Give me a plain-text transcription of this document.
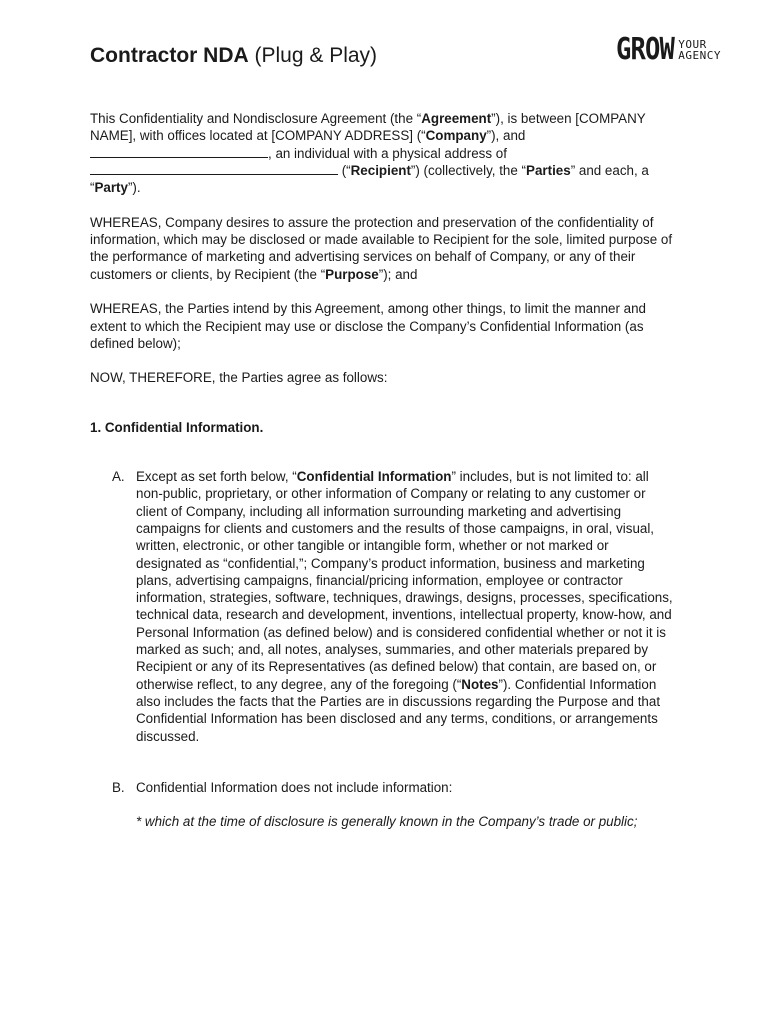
Contractor NDA (Plug & Play)	GROW YOUR
AGENCY

This Confidentiality and Nondisclosure Agreement (the “Agreement”), is between [COMPANY NAME], with offices located at [COMPANY ADDRESS] (“Company”), and , an individual with a physical address of  (“Recipient”) (collectively, the “Parties” and each, a “Party”).

WHEREAS, Company desires to assure the protection and preservation of the confidentiality of information, which may be disclosed or made available to Recipient for the sole, limited purpose of the performance of marketing and advertising services on behalf of Company, or any of their customers or clients, by Recipient (the “Purpose”); and

WHEREAS, the Parties intend by this Agreement, among other things, to limit the manner and extent to which the Recipient may use or disclose the Company’s Confidential Information (as defined below);

NOW, THEREFORE, the Parties agree as follows:

1. Confidential Information.

A. Except as set forth below, “Confidential Information” includes, but is not limited to: all non-public, proprietary, or other information of Company or relating to any customer or client of Company, including all information surrounding marketing and advertising campaigns for clients and customers and the results of those campaigns, in oral, visual, written, electronic, or other tangible or intangible form, whether or not marked or designated as “confidential,”; Company’s product information, business and marketing plans, advertising campaigns, financial/pricing information, employee or contractor information, strategies, software, techniques, drawings, designs, processes, specifications, technical data, research and development, inventions, intellectual property, know-how, and Personal Information (as defined below) and is considered confidential whether or not it is marked as such; and, all notes, analyses, summaries, and other materials prepared by Recipient or any of its Representatives (as defined below) that contain, are based on, or otherwise reflect, to any degree, any of the foregoing (“Notes”). Confidential Information also includes the facts that the Parties are in discussions regarding the Purpose and that Confidential Information has been disclosed and any terms, conditions, or arrangements discussed.

B. Confidential Information does not include information:

* which at the time of disclosure is generally known in the Company’s trade or public;
